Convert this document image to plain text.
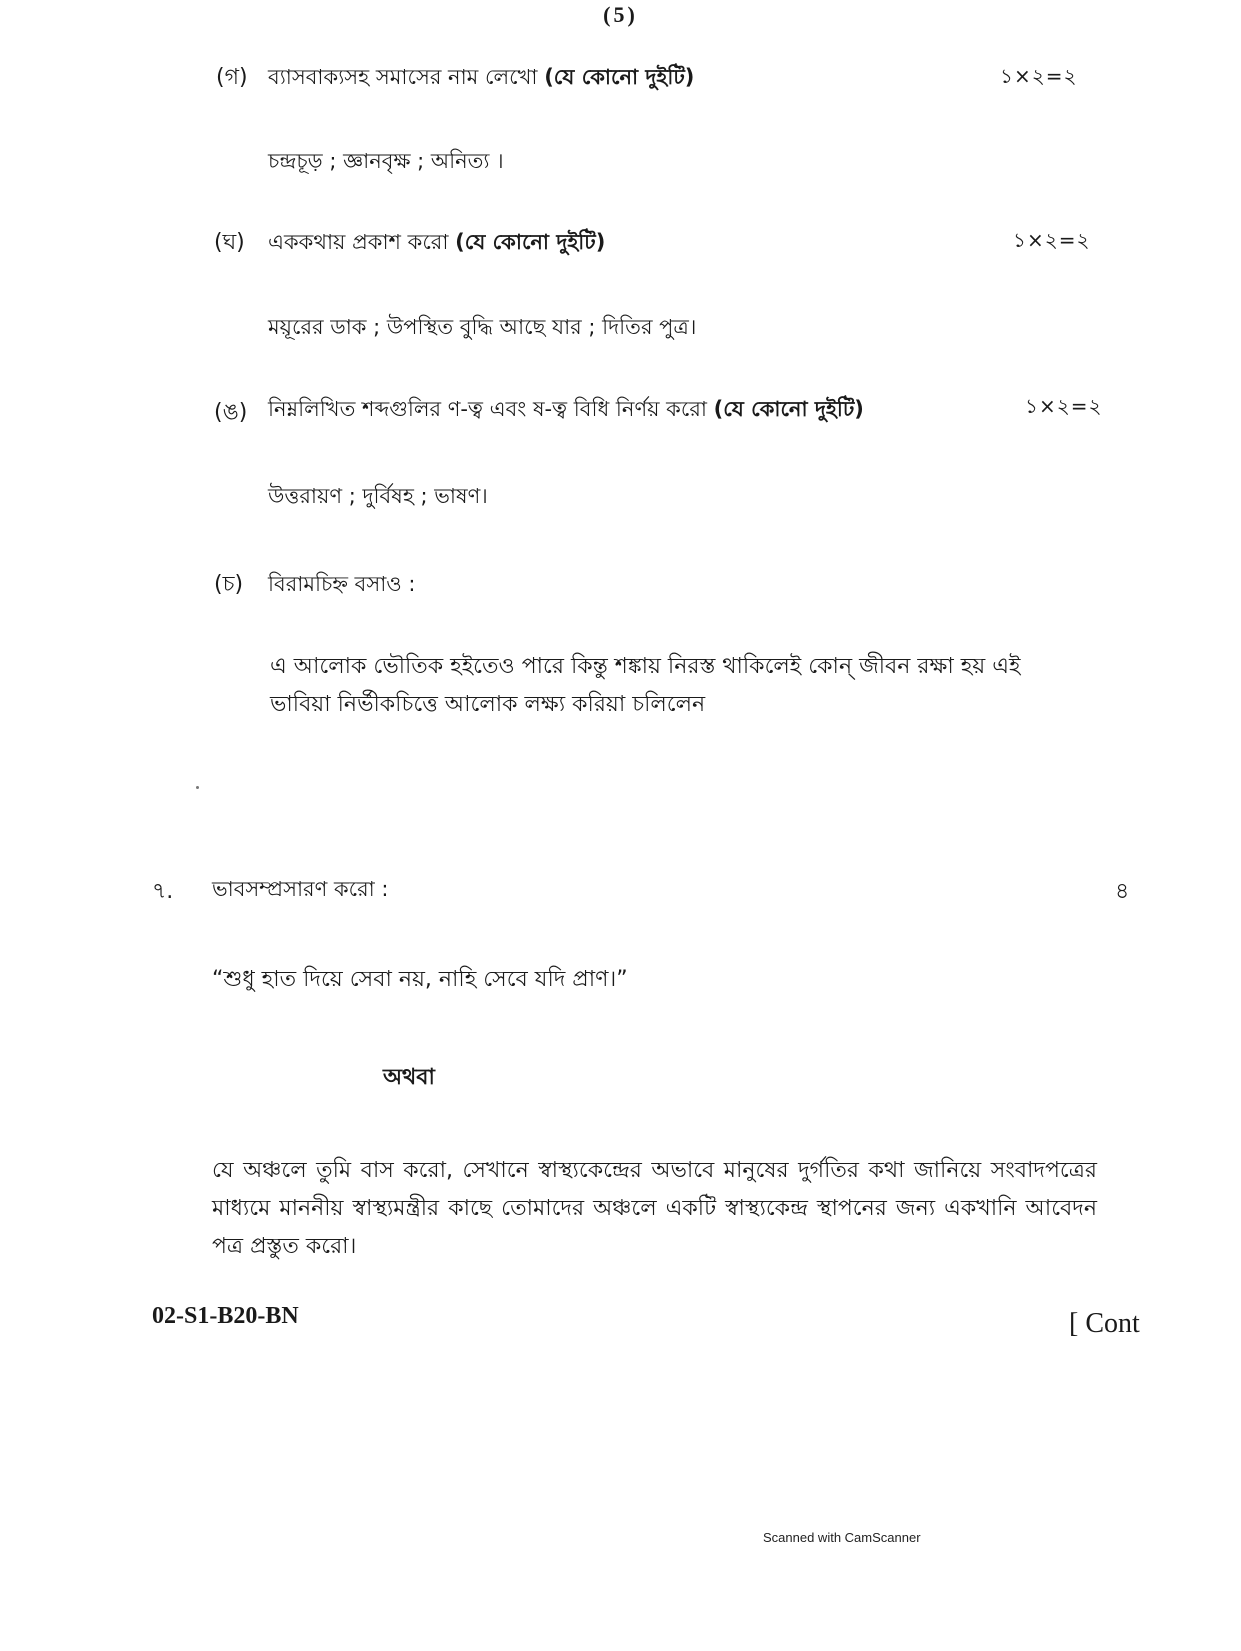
(5)
(গ) ব্যাসবাক্যসহ সমাসের নাম লেখো (যে কোনো দুইটি)	১×২=২
চন্দ্রচূড় ; জ্ঞানবৃক্ষ ; অনিত্য ।
(ঘ) এককথায় প্রকাশ করো (যে কোনো দুইটি)	১×২=২
ময়ূরের ডাক ; উপস্থিত বুদ্ধি আছে যার ; দিতির পুত্র।
(ঙ) নিম্নলিখিত শব্দগুলির ণ-ত্ব এবং ষ-ত্ব বিধি নির্ণয় করো (যে কোনো দুইটি)	১×২=২
উত্তরায়ণ ; দুর্বিষহ ; ভাষণ।
(চ) বিরামচিহ্ন বসাও :
এ আলোক ভৌতিক হইতেও পারে কিন্তু শঙ্কায় নিরস্ত থাকিলেই কোন্ জীবন রক্ষা হয় এই ভাবিয়া নির্ভীকচিত্তে আলোক লক্ষ্য করিয়া চলিলেন
৭. ভাবসম্প্রসারণ করো :	৪
“শুধু হাত দিয়ে সেবা নয়, নাহি সেবে যদি প্রাণ।”
অথবা
যে অঞ্চলে তুমি বাস করো, সেখানে স্বাস্থ্যকেন্দ্রের অভাবে মানুষের দুর্গতির কথা জানিয়ে সংবাদপত্রের মাধ্যমে মাননীয় স্বাস্থ্যমন্ত্রীর কাছে তোমাদের অঞ্চলে একটি স্বাস্থ্যকেন্দ্র স্থাপনের জন্য একখানি আবেদন পত্র প্রস্তুত করো।
02-S1-B20-BN	[ Cont
Scanned with CamScanner
